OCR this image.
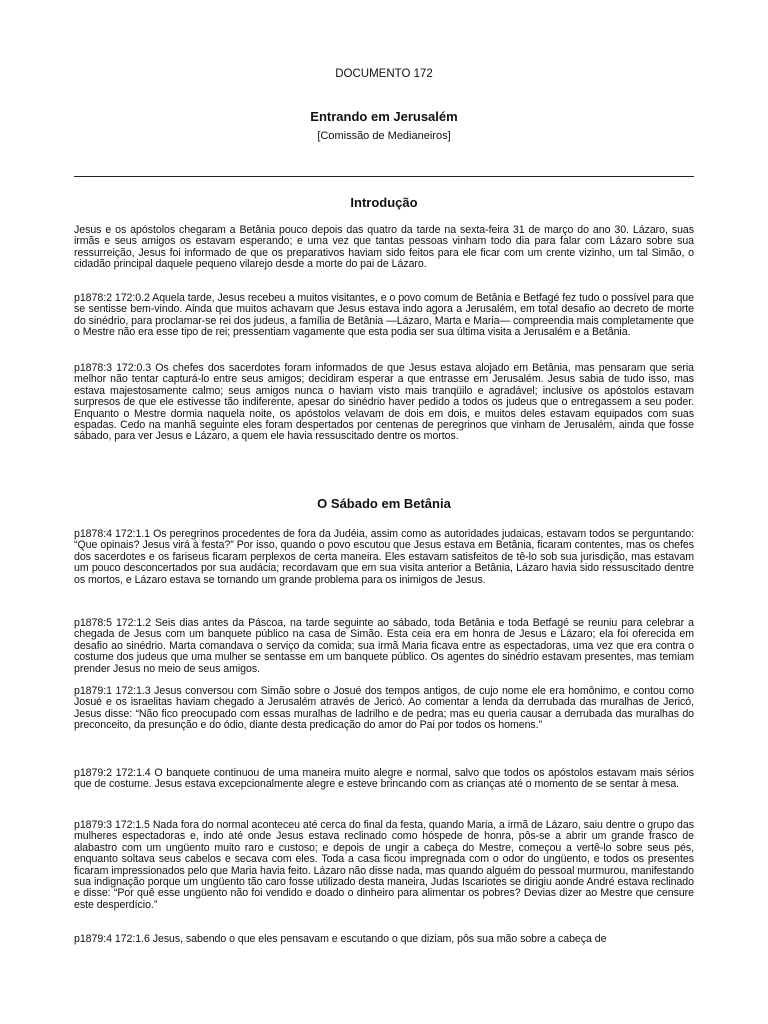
DOCUMENTO 172
Entrando em Jerusalém
[Comissão de Medianeiros]
Introdução

Jesus e os apóstolos chegaram a Betânia pouco depois das quatro da tarde na sexta-feira 31 de março do ano 30. Lázaro, suas irmãs e seus amigos os estavam esperando; e uma vez que tantas pessoas vinham todo dia para falar com Lázaro sobre sua ressurreição, Jesus foi informado de que os preparativos haviam sido feitos para ele ficar com um crente vizinho, um tal Simão, o cidadão principal daquele pequeno vilarejo desde a morte do pai de Lázaro.

p1878:2 172:0.2 Aquela tarde, Jesus recebeu a muitos visitantes, e o povo comum de Betânia e Betfagé fez tudo o possível para que se sentisse bem-vindo. Ainda que muitos achavam que Jesus estava indo agora a Jerusalém, em total desafio ao decreto de morte do sinédrio, para proclamar-se rei dos judeus, a família de Betânia —Lázaro, Marta e Maria— compreendia mais completamente que o Mestre não era esse tipo de rei; pressentiam vagamente que esta podia ser sua última visita a Jerusalém e a Betânia.

p1878:3 172:0.3 Os chefes dos sacerdotes foram informados de que Jesus estava alojado em Betânia, mas pensaram que seria melhor não tentar capturá-lo entre seus amigos; decidiram esperar a que entrasse em Jerusalém. Jesus sabia de tudo isso, mas estava majestosamente calmo; seus amigos nunca o haviam visto mais tranqüilo e agradável; inclusive os apóstolos estavam surpresos de que ele estivesse tão indiferente, apesar do sinédrio haver pedido a todos os judeus que o entregassem a seu poder. Enquanto o Mestre dormia naquela noite, os apóstolos velavam de dois em dois, e muitos deles estavam equipados com suas espadas. Cedo na manhã seguinte eles foram despertados por centenas de peregrinos que vinham de Jerusalém, ainda que fosse sábado, para ver Jesus e Lázaro, a quem ele havia ressuscitado dentre os mortos.

O Sábado em Betânia

p1878:4 172:1.1 Os peregrinos procedentes de fora da Judéia, assim como as autoridades judaicas, estavam todos se perguntando: “Que opinais? Jesus virá à festa?” Por isso, quando o povo escutou que Jesus estava em Betânia, ficaram contentes, mas os chefes dos sacerdotes e os fariseus ficaram perplexos de certa maneira. Eles estavam satisfeitos de tê-lo sob sua jurisdição, mas estavam um pouco desconcertados por sua audácia; recordavam que em sua visita anterior a Betânia, Lázaro havia sido ressuscitado dentre os mortos, e Lázaro estava se tornando um grande problema para os inimigos de Jesus.

p1878:5 172:1.2 Seis dias antes da Páscoa, na tarde seguinte ao sábado, toda Betânia e toda Betfagé se reuniu para celebrar a chegada de Jesus com um banquete público na casa de Simão. Esta ceia era em honra de Jesus e Lázaro; ela foi oferecida em desafio ao sinédrio. Marta comandava o serviço da comida; sua irmã Maria ficava entre as espectadoras, uma vez que era contra o costume dos judeus que uma mulher se sentasse em um banquete público. Os agentes do sinédrio estavam presentes, mas temiam prender Jesus no meio de seus amigos.

p1879:1 172:1.3 Jesus conversou com Simão sobre o Josué dos tempos antigos, de cujo nome ele era homônimo, e contou como Josué e os israelitas haviam chegado a Jerusalém através de Jericó. Ao comentar a lenda da derrubada das muralhas de Jericó, Jesus disse: “Não fico preocupado com essas muralhas de ladrilho e de pedra; mas eu queria causar a derrubada das muralhas do preconceito, da presunção e do ódio, diante desta predicação do amor do Pai por todos os homens.”

p1879:2 172:1.4 O banquete continuou de uma maneira muito alegre e normal, salvo que todos os apóstolos estavam mais sérios que de costume. Jesus estava excepcionalmente alegre e esteve brincando com as crianças até o momento de se sentar à mesa.

p1879:3 172:1.5 Nada fora do normal aconteceu até cerca do final da festa, quando Maria, a irmã de Lázaro, saiu dentre o grupo das mulheres espectadoras e, indo até onde Jesus estava reclinado como hóspede de honra, pôs-se a abrir um grande frasco de alabastro com um ungüento muito raro e custoso; e depois de ungir a cabeça do Mestre, começou a vertê-lo sobre seus pés, enquanto soltava seus cabelos e secava com eles. Toda a casa ficou impregnada com o odor do ungüento, e todos os presentes ficaram impressionados pelo que Maria havia feito. Lázaro não disse nada, mas quando alguém do pessoal murmurou, manifestando sua indignação porque um ungüento tão caro fosse utilizado desta maneira, Judas Iscariotes se dirigiu aonde André estava reclinado e disse: “Por quê esse ungüento não foi vendido e doado o dinheiro para alimentar os pobres? Devias dizer ao Mestre que censure este desperdício.”

p1879:4 172:1.6 Jesus, sabendo o que eles pensavam e escutando o que diziam, pôs sua mão sobre a cabeça de
